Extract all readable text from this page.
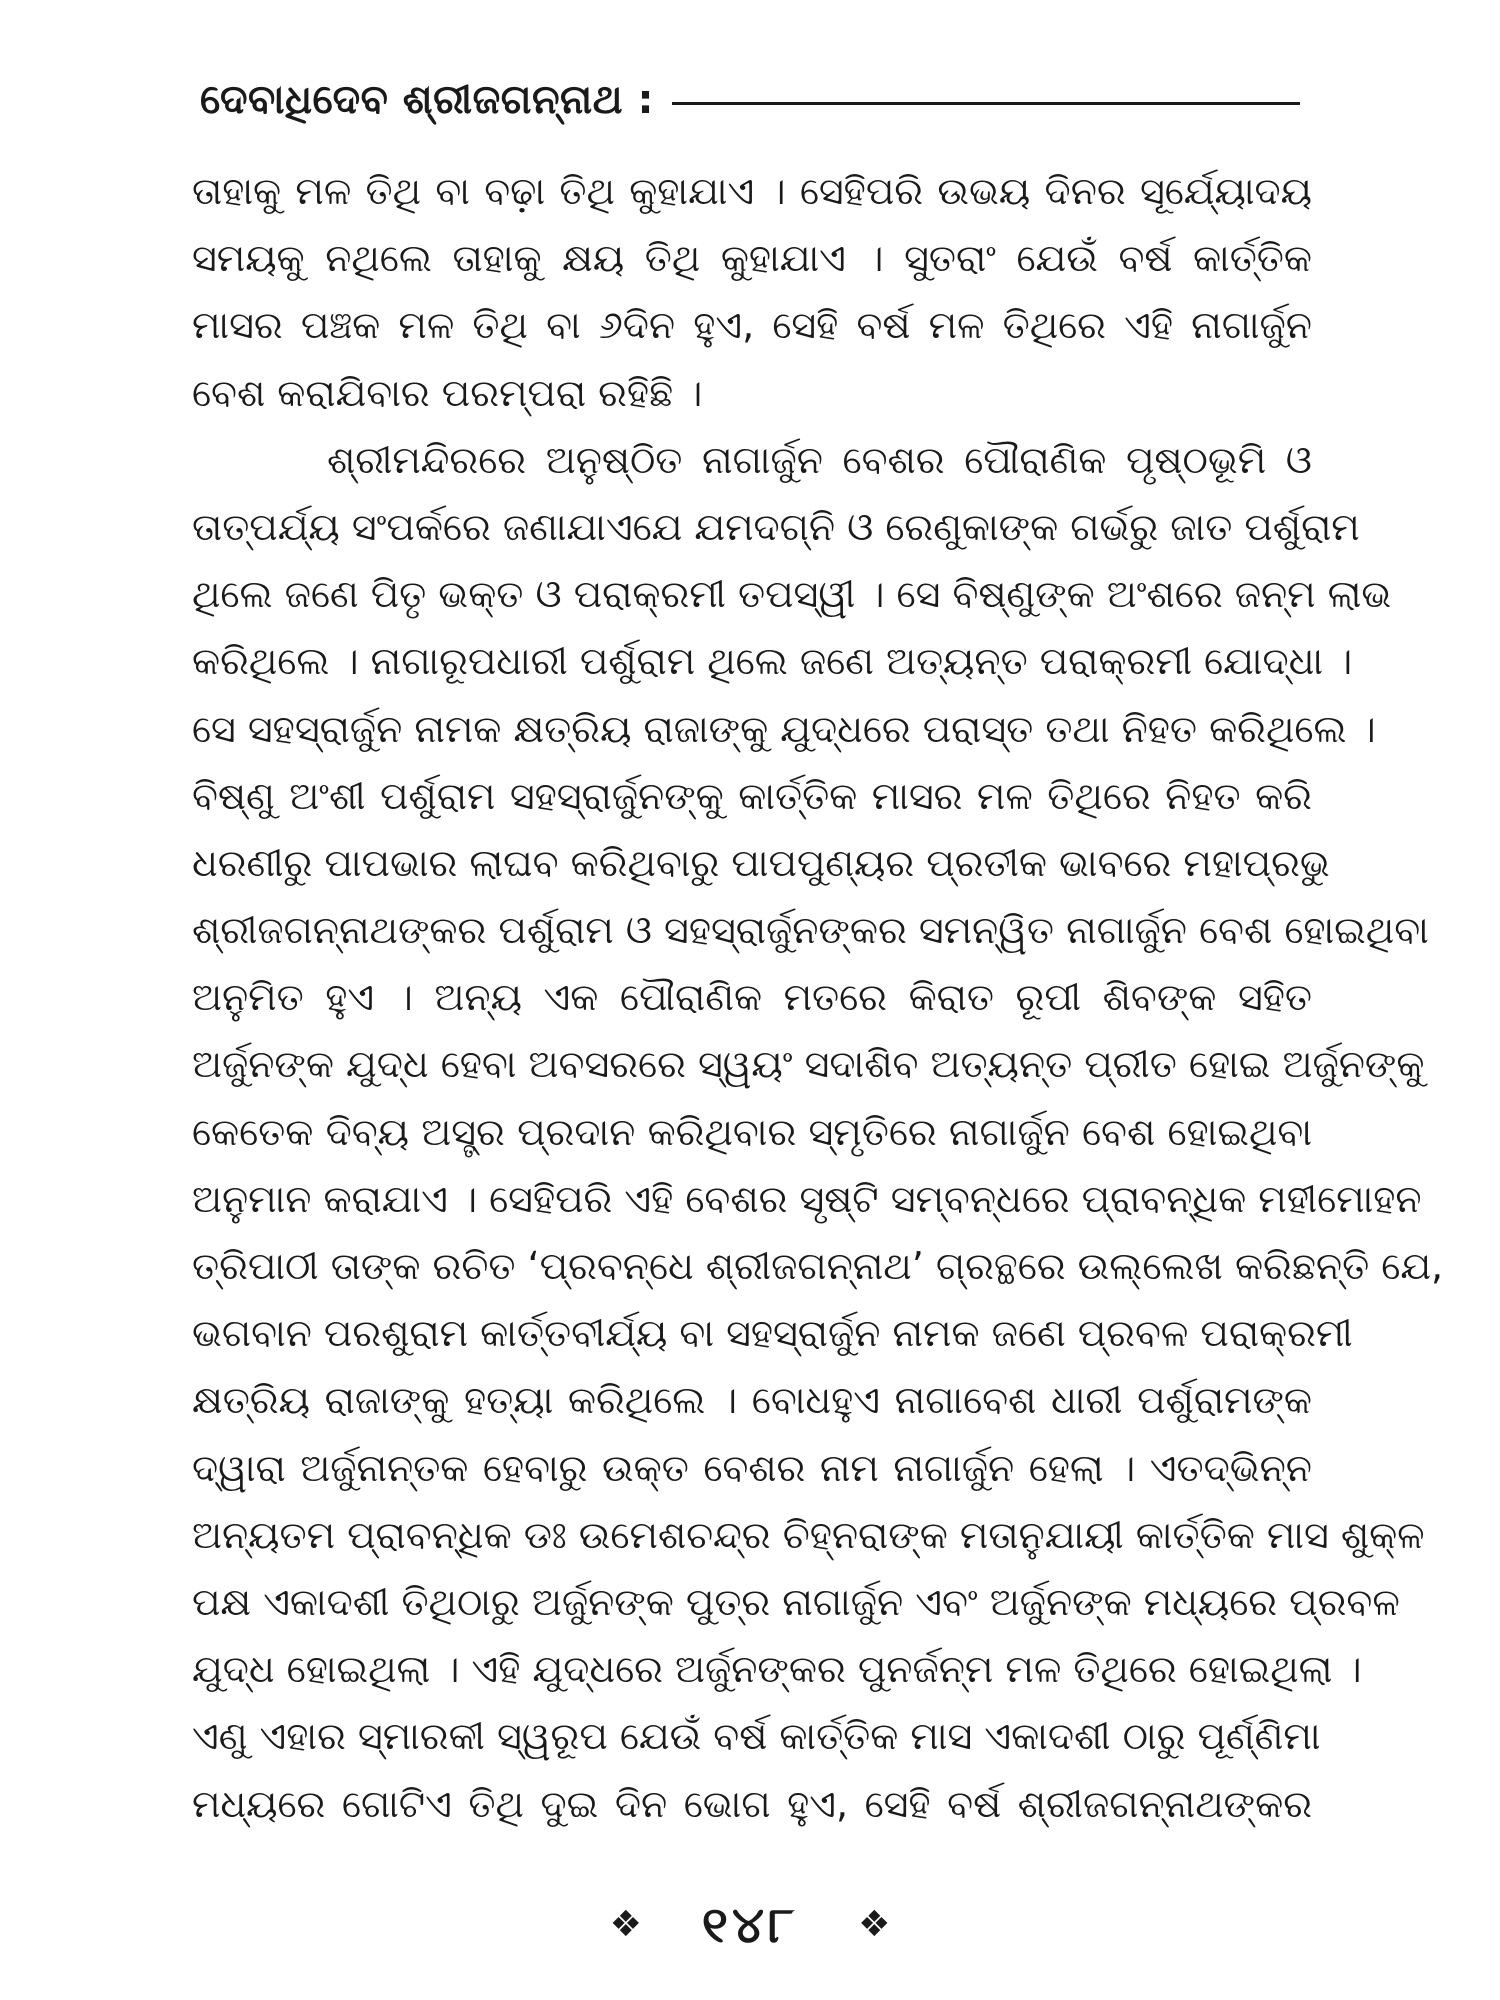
ଦେବାଧିଦେବ ଶ୍ରୀଜଗନ୍ନାଥ :
ତାହାକୁ ମଳ ତିଥି ବା ବଢ଼ା ତିଥି କୁହାଯାଏ । ସେହିପରି ଉଭୟ ଦିନର ସୂର୍ଯ୍ୟୋଦୟ
ସମୟକୁ ନଥିଲେ ତାହାକୁ କ୍ଷୟ ତିଥି କୁହାଯାଏ । ସୁତରାଂ ଯେଉଁ ବର୍ଷ କାର୍ତ୍ତିକ
ମାସର ପଞ୍ଚକ ମଳ ତିଥି ବା ୬ଦିନ ହୁଏ, ସେହି ବର୍ଷ ମଳ ତିଥିରେ ଏହି ନାଗାର୍ଜୁନ
ବେଶ କରାଯିବାର ପରମ୍ପରା ରହିଛି ।
ଶ୍ରୀମନ୍ଦିରରେ ଅନୁଷ୍ଠିତ ନାଗାର୍ଜୁନ ବେଶର ପୌରାଣିକ ପୃଷ୍ଠଭୂମି ଓ
ତାତ୍ପର୍ଯ୍ୟ ସଂପର୍କରେ ଜଣାଯାଏଯେ ଯମଦଗ୍ନି ଓ ରେଣୁକାଙ୍କ ଗର୍ଭରୁ ଜାତ ପର୍ଶୁରାମ
ଥିଲେ ଜଣେ ପିତୃ ଭକ୍ତ ଓ ପରାକ୍ରମୀ ତପସ୍ୱୀ । ସେ ବିଷ୍ଣୁଙ୍କ ଅଂଶରେ ଜନ୍ମ ଲାଭ
କରିଥିଲେ । ନାଗାରୂପଧାରୀ ପର୍ଶୁରାମ ଥିଲେ ଜଣେ ଅତ୍ୟନ୍ତ ପରାକ୍ରମୀ ଯୋଦ୍ଧା ।
ସେ ସହସ୍ରାର୍ଜୁନ ନାମକ କ୍ଷତ୍ରିୟ ରାଜାଙ୍କୁ ଯୁଦ୍ଧରେ ପରାସ୍ତ ତଥା ନିହତ କରିଥିଲେ ।
ବିଷ୍ଣୁ ଅଂଶୀ ପର୍ଶୁରାମ ସହସ୍ରାର୍ଜୁନଙ୍କୁ କାର୍ତ୍ତିକ ମାସର ମଳ ତିଥିରେ ନିହତ କରି
ଧରଣୀରୁ ପାପଭାର ଲାଘବ କରିଥିବାରୁ ପାପପୁଣ୍ୟର ପ୍ରତୀକ ଭାବରେ ମହାପ୍ରଭୁ
ଶ୍ରୀଜଗନ୍ନାଥଙ୍କର ପର୍ଶୁରାମ ଓ ସହସ୍ରାର୍ଜୁନଙ୍କର ସମନ୍ୱିତ ନାଗାର୍ଜୁନ ବେଶ ହୋଇଥିବା
ଅନୁମିତ ହୁଏ । ଅନ୍ୟ ଏକ ପୌରାଣିକ ମତରେ କିରାତ ରୂପୀ ଶିବଙ୍କ ସହିତ
ଅର୍ଜୁନଙ୍କ ଯୁଦ୍ଧ ହେବା ଅବସରରେ ସ୍ୱୟଂ ସଦାଶିବ ଅତ୍ୟନ୍ତ ପ୍ରୀତ ହୋଇ ଅର୍ଜୁନଙ୍କୁ
କେତେକ ଦିବ୍ୟ ଅସ୍ତ୍ର ପ୍ରଦାନ କରିଥିବାର ସ୍ମୃତିରେ ନାଗାର୍ଜୁନ ବେଶ ହୋଇଥିବା
ଅନୁମାନ କରାଯାଏ । ସେହିପରି ଏହି ବେଶର ସୃଷ୍ଟି ସମ୍ବନ୍ଧରେ ପ୍ରାବନ୍ଧିକ ମହୀମୋହନ
ତ୍ରିପାଠୀ ତାଙ୍କ ରଚିତ ‘ପ୍ରବନ୍ଧେ ଶ୍ରୀଜଗନ୍ନାଥ’ ଗ୍ରନ୍ଥରେ ଉଲ୍ଲେଖ କରିଛନ୍ତି ଯେ,
ଭଗବାନ ପରଶୁରାମ କାର୍ତ୍ତବୀର୍ଯ୍ୟ ବା ସହସ୍ରାର୍ଜୁନ ନାମକ ଜଣେ ପ୍ରବଳ ପରାକ୍ରମୀ
କ୍ଷତ୍ରିୟ ରାଜାଙ୍କୁ ହତ୍ୟା କରିଥିଲେ । ବୋଧହୁଏ ନାଗାବେଶ ଧାରୀ ପର୍ଶୁରାମଙ୍କ
ଦ୍ୱାରା ଅର୍ଜୁନାନ୍ତକ ହେବାରୁ ଉକ୍ତ ବେଶର ନାମ ନାଗାର୍ଜୁନ ହେଲା । ଏତଦ୍‌ଭିନ୍ନ
ଅନ୍ୟତମ ପ୍ରାବନ୍ଧିକ ଡଃ ଉମେଶଚନ୍ଦ୍ର ଚିହ୍ନରାଙ୍କ ମତାନୁଯାୟୀ କାର୍ତ୍ତିକ ମାସ ଶୁକ୍ଳ
ପକ୍ଷ ଏକାଦଶୀ ତିଥିଠାରୁ ଅର୍ଜୁନଙ୍କ ପୁତ୍ର ନାଗାର୍ଜୁନ ଏବଂ ଅର୍ଜୁନଙ୍କ ମଧ୍ୟରେ ପ୍ରବଳ
ଯୁଦ୍ଧ ହୋଇଥିଲା । ଏହି ଯୁଦ୍ଧରେ ଅର୍ଜୁନଙ୍କର ପୁନର୍ଜନ୍ମ ମଳ ତିଥିରେ ହୋଇଥିଲା ।
ଏଣୁ ଏହାର ସ୍ମାରକୀ ସ୍ୱରୂପ ଯେଉଁ ବର୍ଷ କାର୍ତ୍ତିକ ମାସ ଏକାଦଶୀ ଠାରୁ ପୂର୍ଣ୍ଣିମା
ମଧ୍ୟରେ ଗୋଟିଏ ତିଥି ଦୁଇ ଦିନ ଭୋଗ ହୁଏ, ସେହି ବର୍ଷ ଶ୍ରୀଜଗନ୍ନାଥଙ୍କର
❖ ୧୪୮ ❖
